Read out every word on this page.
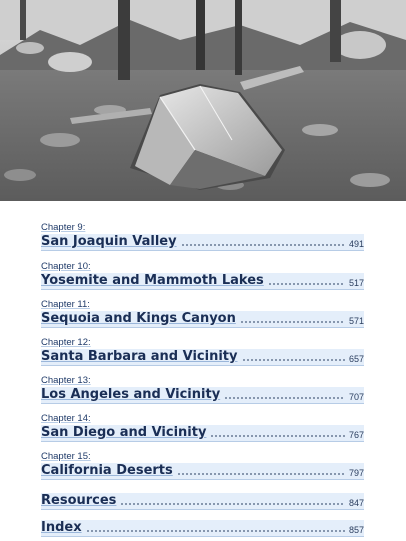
Chapter 9:
San Joaquin Valley	491
Chapter 10:
Yosemite and Mammoth Lakes	517
Chapter 11:
Sequoia and Kings Canyon	571
Chapter 12:
Santa Barbara and Vicinity	657
Chapter 13:
Los Angeles and Vicinity	707
Chapter 14:
San Diego and Vicinity	767
Chapter 15:
California Deserts	797
Resources	847
Index	857
